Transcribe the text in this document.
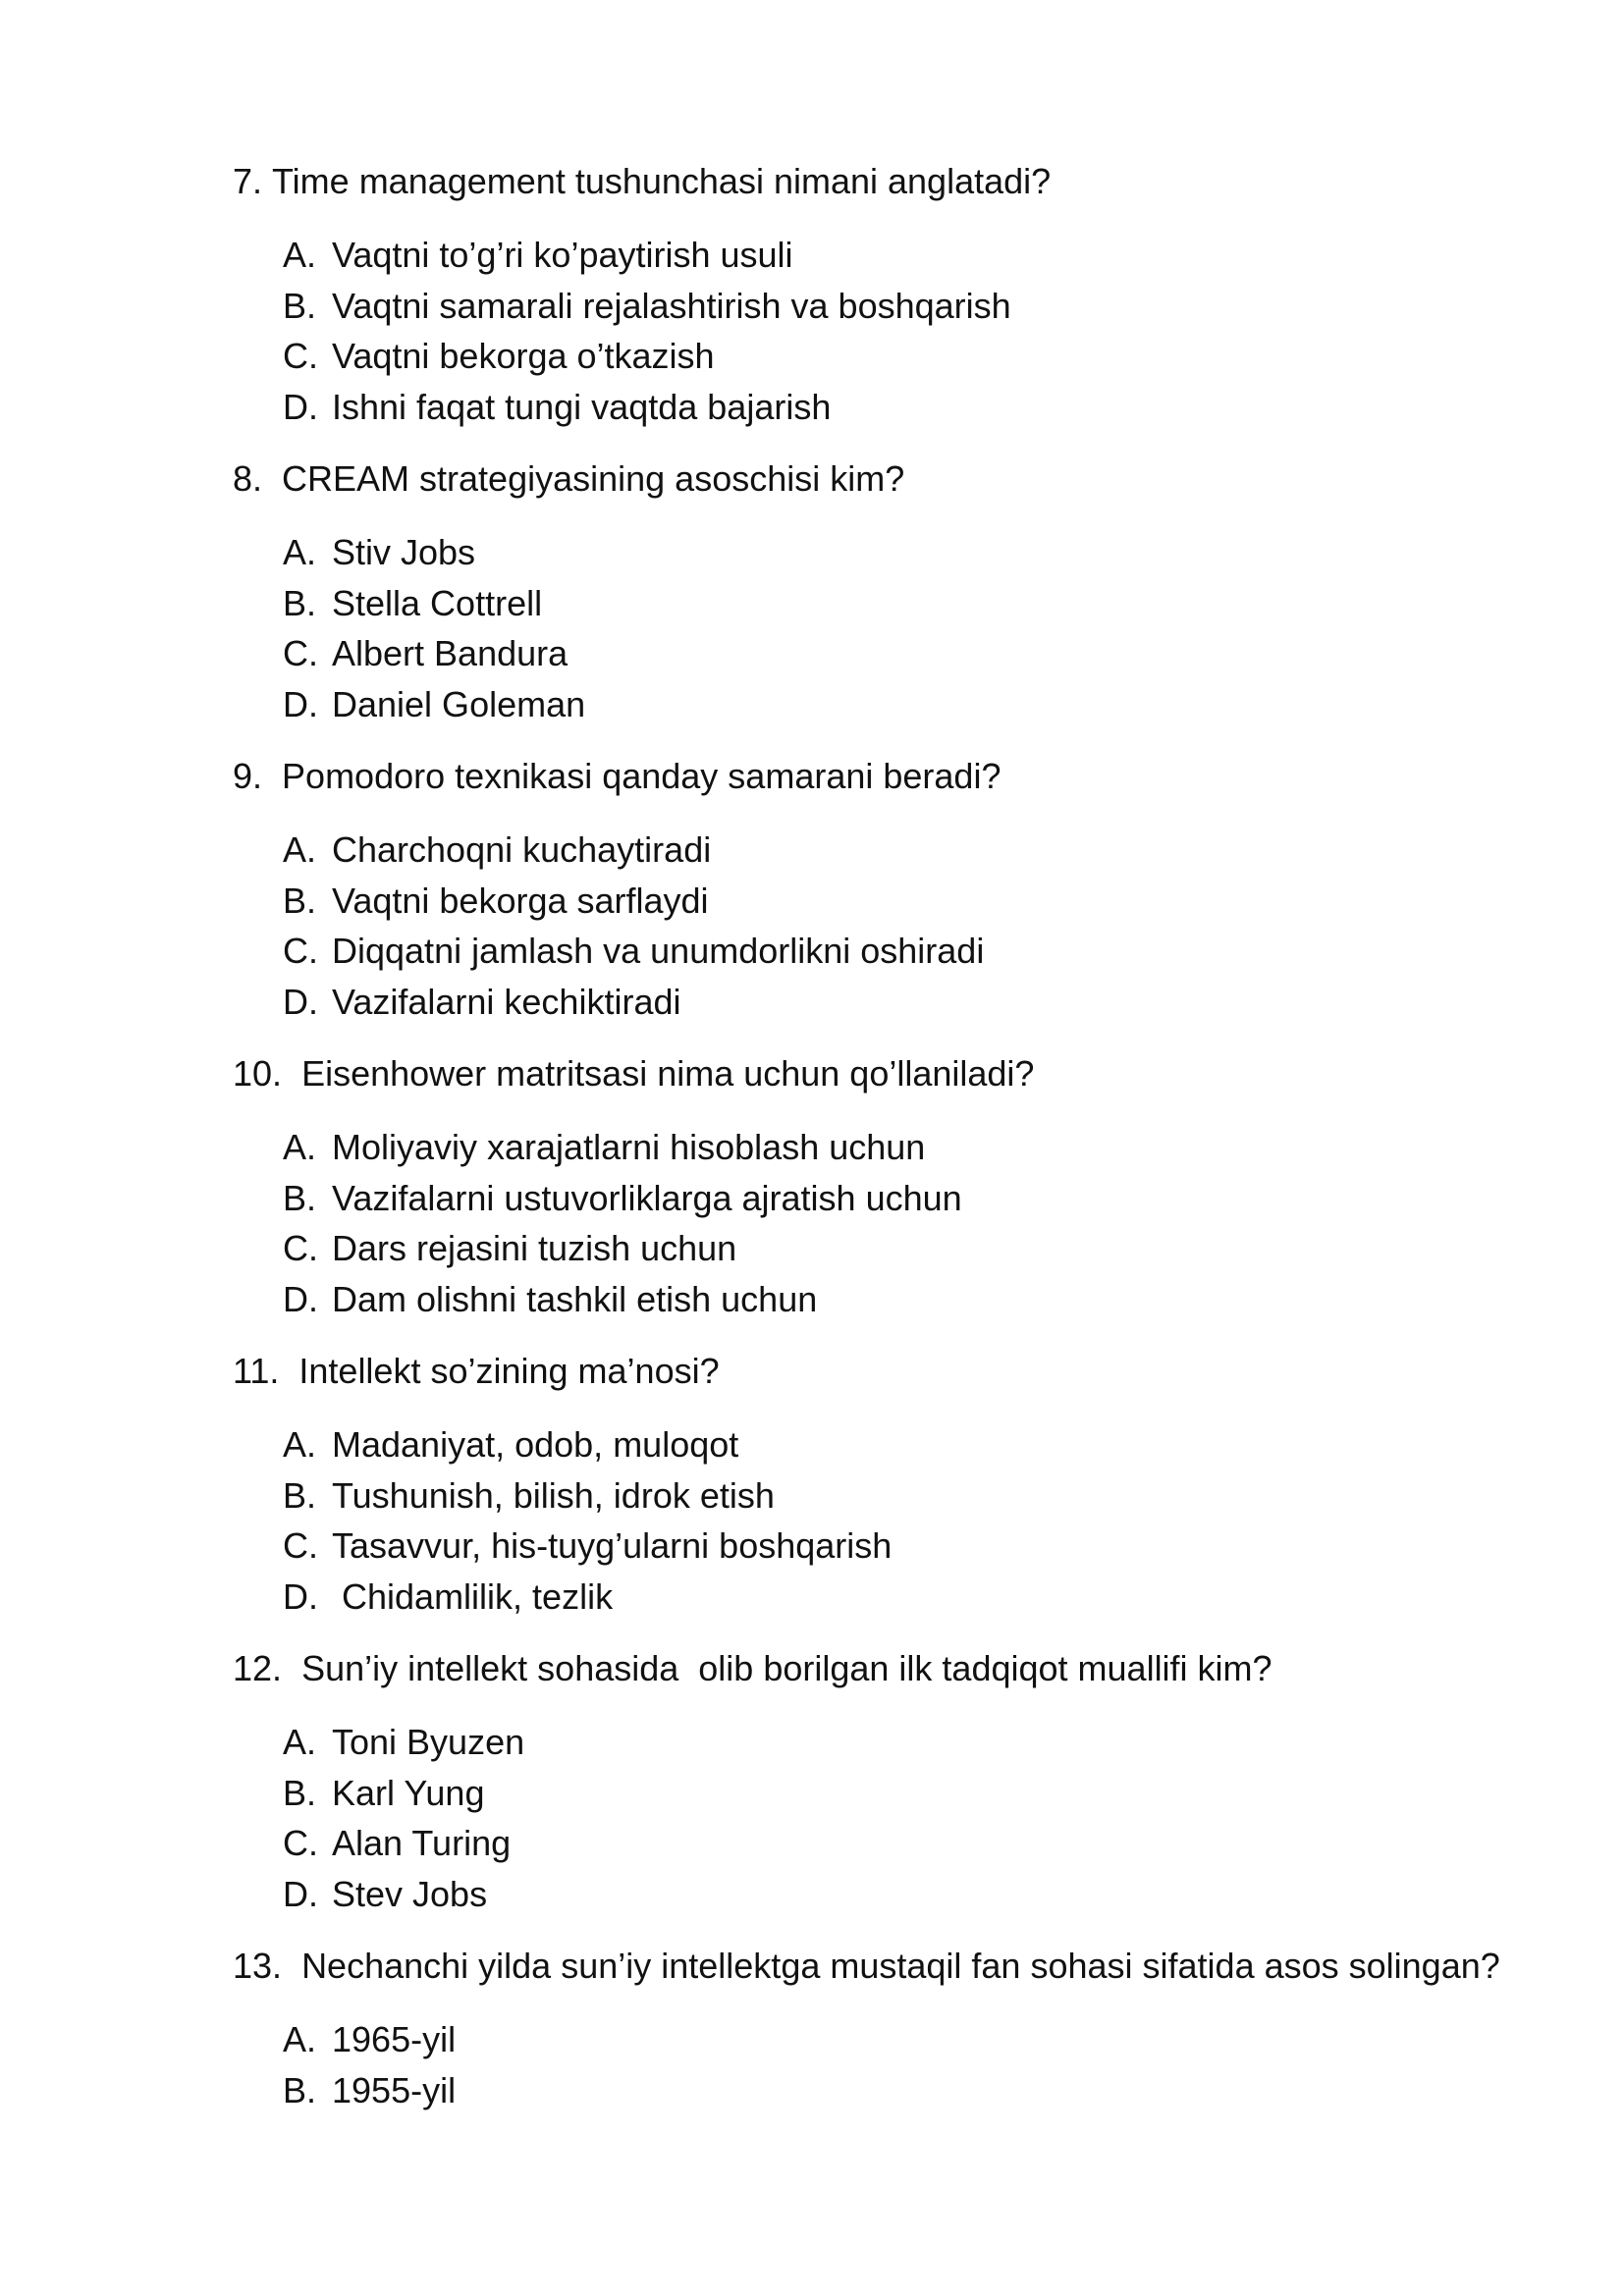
7. Time management tushunchasi nimani anglatadi?
A. Vaqtni to’g’ri ko’paytirish usuli
B. Vaqtni samarali rejalashtirish va boshqarish
C. Vaqtni bekorga o’tkazish
D. Ishni faqat tungi vaqtda bajarish
8. CREAM strategiyasining asoschisi kim?
A. Stiv Jobs
B. Stella Cottrell
C. Albert Bandura
D. Daniel Goleman
9. Pomodoro texnikasi qanday samarani beradi?
A. Charchoqni kuchaytiradi
B. Vaqtni bekorga sarflaydi
C. Diqqatni jamlash va unumdorlikni oshiradi
D. Vazifalarni kechiktiradi
10. Eisenhower matritsasi nima uchun qo’llaniladi?
A. Moliyaviy xarajatlarni hisoblash uchun
B. Vazifalarni ustuvorliklarga ajratish uchun
C. Dars rejasini tuzish uchun
D. Dam olishni tashkil etish uchun
11. Intellekt so’zining ma’nosi?
A. Madaniyat, odob, muloqot
B. Tushunish, bilish, idrok etish
C. Tasavvur, his-tuyg’ularni boshqarish
D. Chidamlilik, tezlik
12. Sun’iy intellekt sohasida  olib borilgan ilk tadqiqot muallifi kim?
A. Toni Byuzen
B. Karl Yung
C. Alan Turing
D. Stev Jobs
13. Nechanchi yilda sun’iy intellektga mustaqil fan sohasi sifatida asos solingan?
A. 1965-yil
B. 1955-yil
